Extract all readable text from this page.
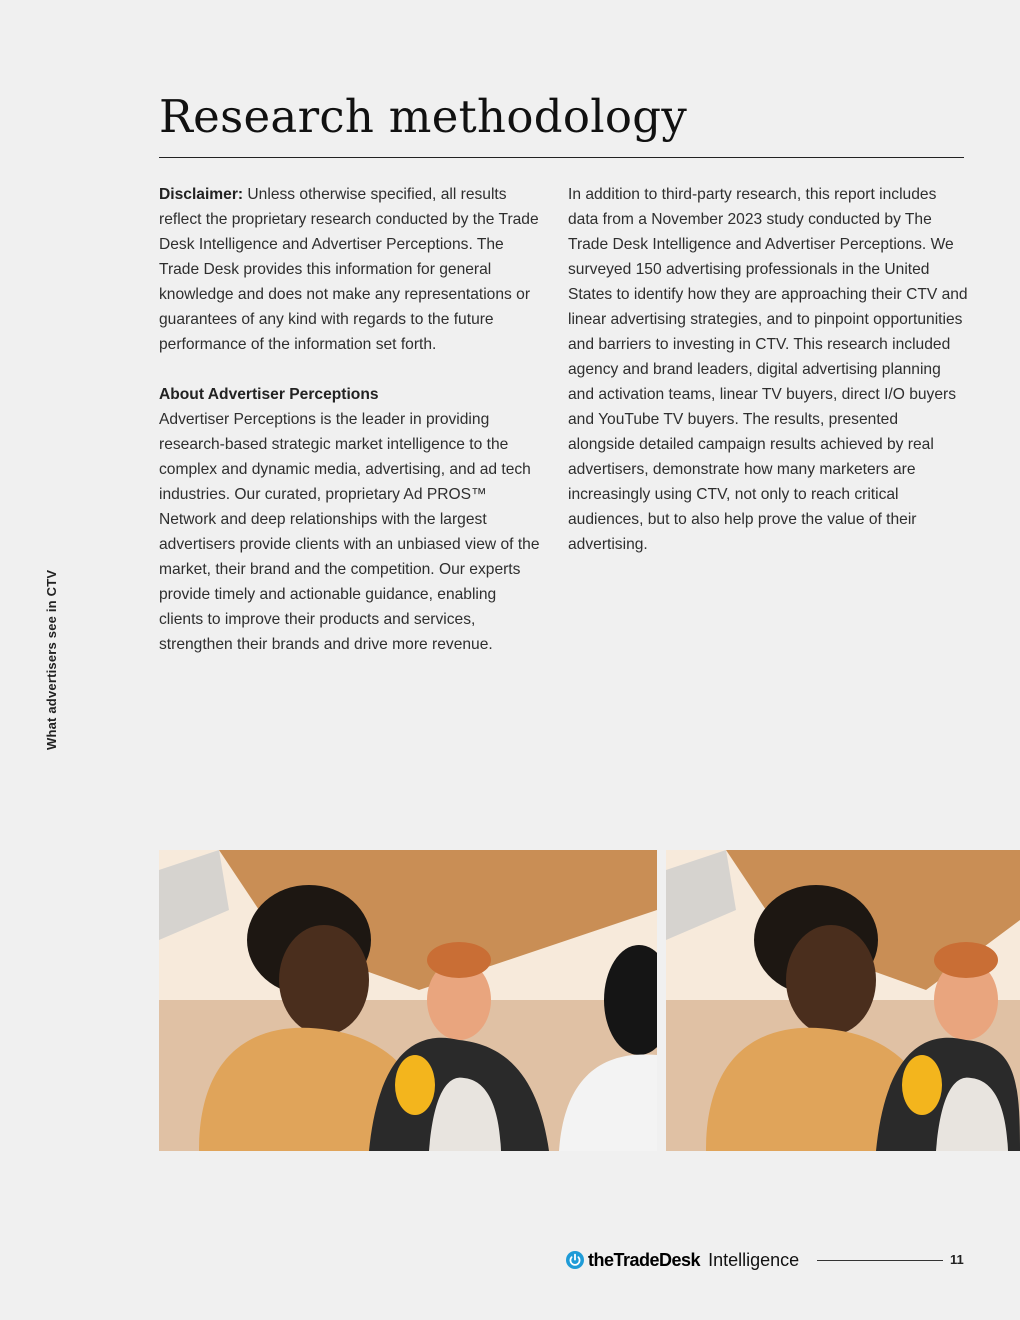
What advertisers see in CTV
Research methodology

Disclaimer: Unless otherwise specified, all results reflect the proprietary research conducted by the Trade Desk Intelligence and Advertiser Perceptions. The Trade Desk provides this information for general knowledge and does not make any representations or guarantees of any kind with regards to the future performance of the information set forth.

About Advertiser Perceptions

Advertiser Perceptions is the leader in providing research-based strategic market intelligence to the complex and dynamic media, advertising, and ad tech industries. Our curated, proprietary Ad PROS™ Network and deep relationships with the largest advertisers provide clients with an unbiased view of the market, their brand and the competition. Our experts provide timely and actionable guidance, enabling clients to improve their products and services, strengthen their brands and drive more revenue.

In addition to third-party research, this report includes data from a November 2023 study conducted by The Trade Desk Intelligence and Advertiser Perceptions. We surveyed 150 advertising professionals in the United States to identify how they are approaching their CTV and linear advertising strategies, and to pinpoint opportunities and barriers to investing in CTV. This research included agency and brand leaders, digital advertising planning and activation teams, linear TV buyers, direct I/O buyers and YouTube TV buyers. The results, presented alongside detailed campaign results achieved by real advertisers, demonstrate how many marketers are increasingly using CTV, not only to reach critical audiences, but to also help prove the value of their advertising.

theTradeDesk Intelligence	11
